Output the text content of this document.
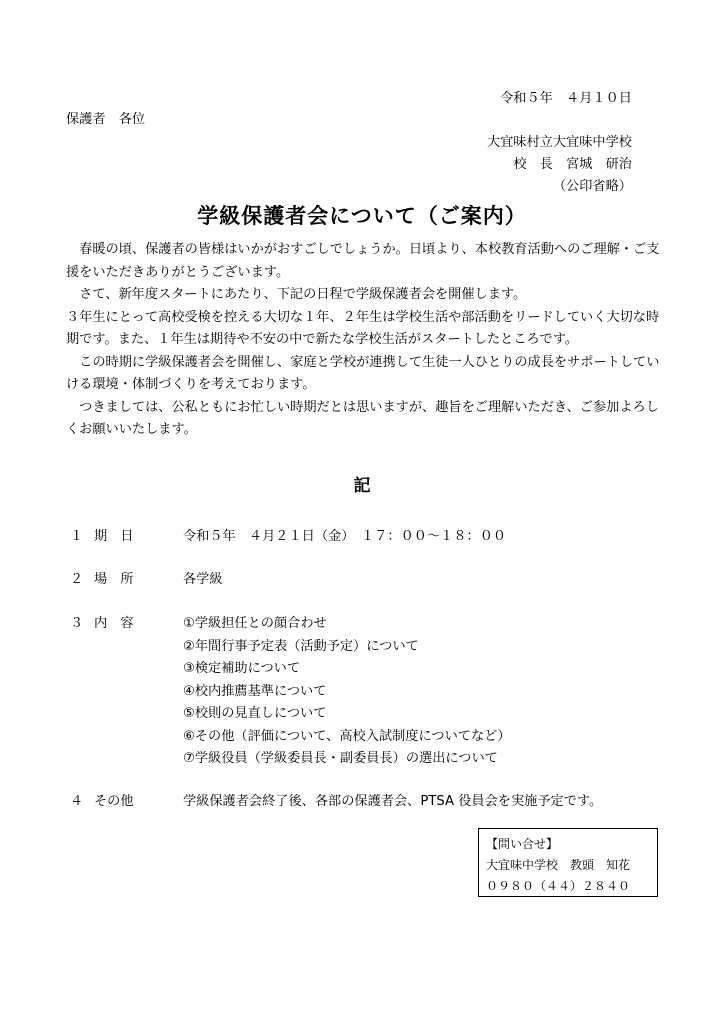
令和５年　４月１０日
保護者　各位
大宜味村立大宜味中学校
校　長　宮城　研治
（公印省略）
学級保護者会について（ご案内）

　春暖の頃、保護者の皆様はいかがおすごしでしょうか。日頃より、本校教育活動へのご理解・ご支援をいただきありがとうございます。

　さて、新年度スタートにあたり、下記の日程で学級保護者会を開催します。

３年生にとって高校受検を控える大切な１年、２年生は学校生活や部活動をリードしていく大切な時期です。また、１年生は期待や不安の中で新たな学校生活がスタートしたところです。

　この時期に学級保護者会を開催し、家庭と学校が連携して生徒一人ひとりの成長をサポートしていける環境・体制づくりを考えております。

　つきましては、公私ともにお忙しい時期だとは思いますが、趣旨をご理解いただき、ご参加よろしくお願いいたします。

記
１ 期　日	令和５年　４月２１日（金）　１７：００～１８：００
２ 場　所	各学級
３ 内　容	①学級担任との顔合わせ
②年間行事予定表（活動予定）について
③検定補助について
④校内推薦基準について
⑤校則の見直しについて
⑥その他（評価について、高校入試制度についてなど）
⑦学級役員（学級委員長・副委員長）の選出について
４ その他	学級保護者会終了後、各部の保護者会、PTSA 役員会を実施予定です。
【問い合せ】
大宜味中学校　教頭　知花
０９８０（４４）２８４０
